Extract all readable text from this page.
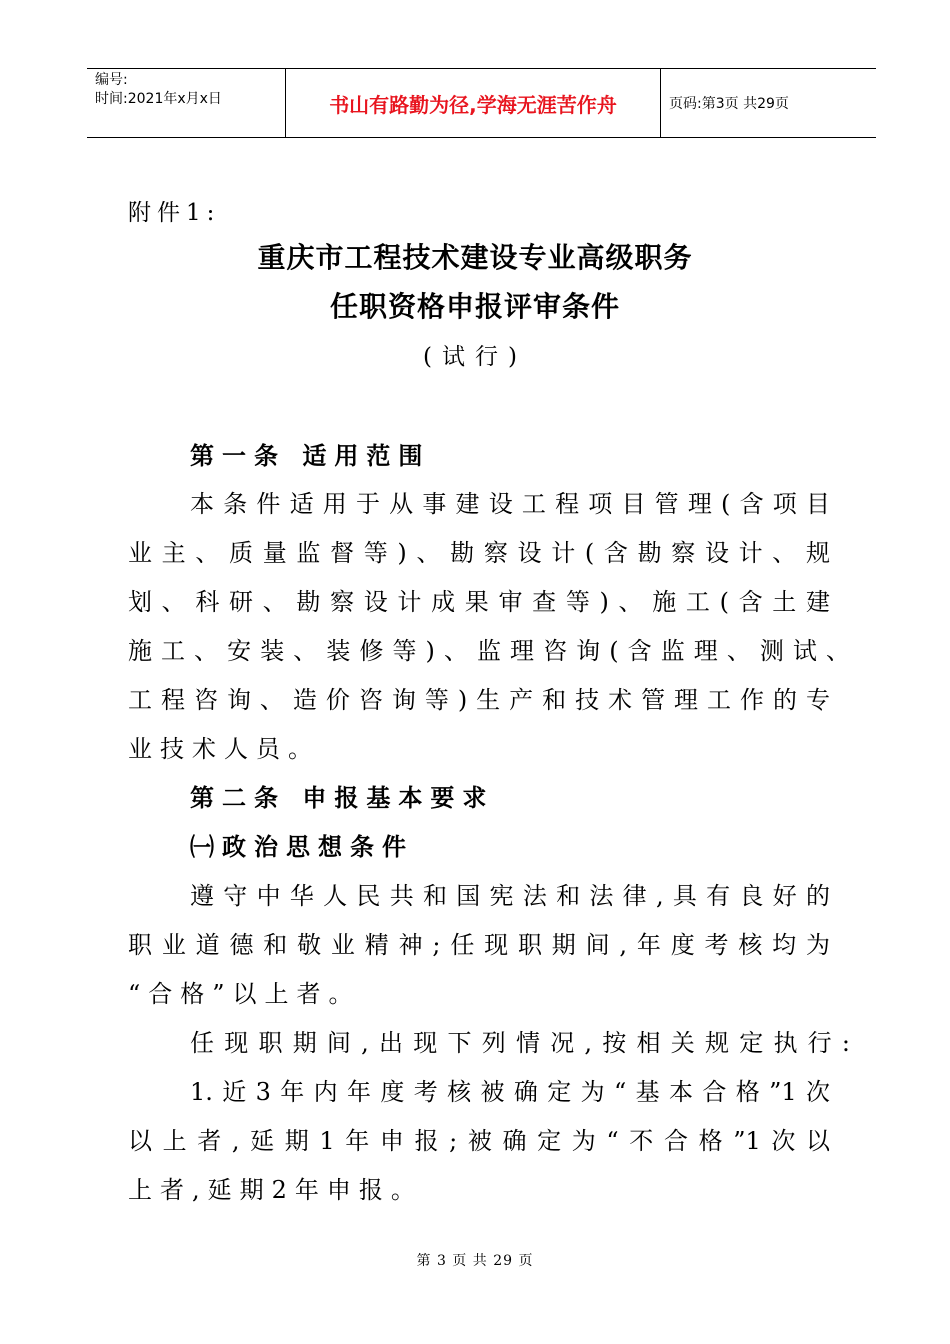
编号:
时间:2021年x月x日	书山有路勤为径,学海无涯苦作舟	页码:第3页 共29页
附件1:
重庆市工程技术建设专业高级职务
任职资格申报评审条件
(试行)
第一条 适用范围
本条件适用于从事建设工程项目管理(含项目
业主、质量监督等)、勘察设计(含勘察设计、规
划、科研、勘察设计成果审查等)、施工(含土建
施工、安装、装修等)、监理咨询(含监理、测试、
工程咨询、造价咨询等)生产和技术管理工作的专
业技术人员。
第二条 申报基本要求
㈠政治思想条件
遵守中华人民共和国宪法和法律,具有良好的
职业道德和敬业精神;任现职期间,年度考核均为
“合格”以上者。
任现职期间,出现下列情况,按相关规定执行:
1.近3年内年度考核被确定为“基本合格”1次
以上者,延期1年申报;被确定为“不合格”1次以
上者,延期2年申报。
第 3 页 共 29 页
